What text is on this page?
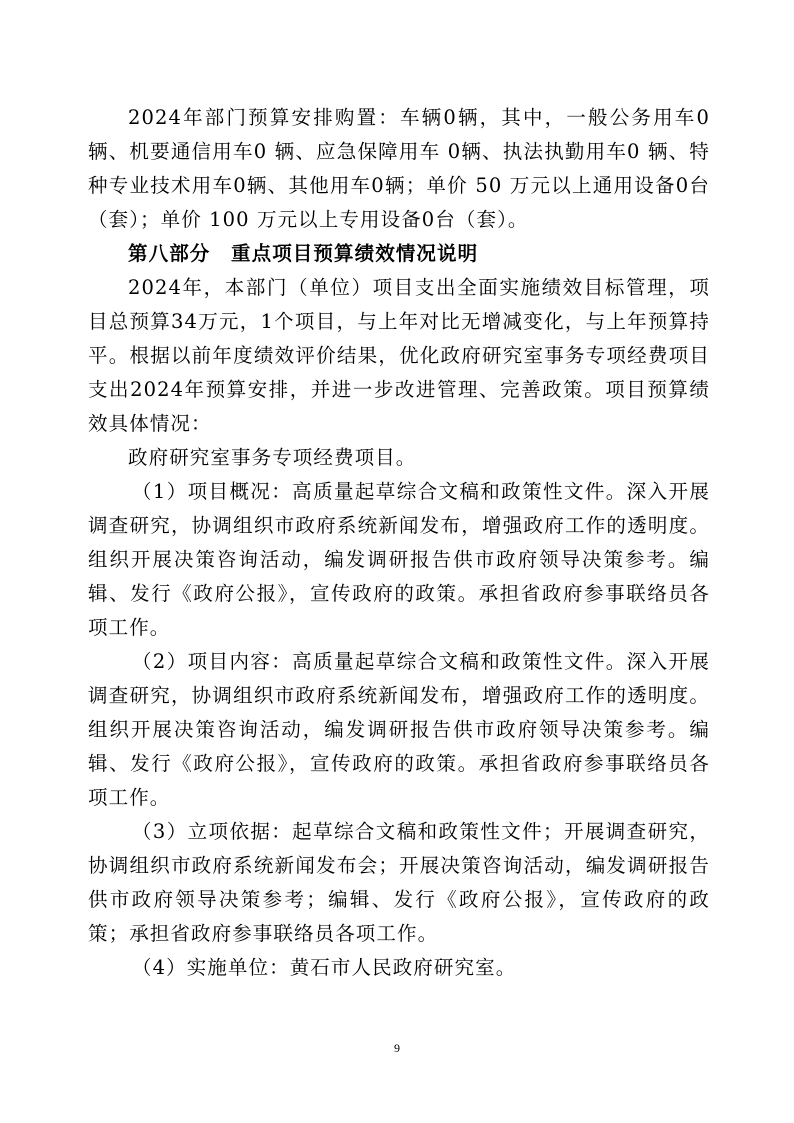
2024年部门预算安排购置：车辆0辆，其中，一般公务用车0辆、机要通信用车0 辆、应急保障用车 0辆、执法执勤用车0 辆、特种专业技术用车0辆、其他用车0辆；单价 50 万元以上通用设备0台（套）；单价 100 万元以上专用设备0台（套）。

第八部分　重点项目预算绩效情况说明

2024年，本部门（单位）项目支出全面实施绩效目标管理，项目总预算34万元，1个项目，与上年对比无增减变化，与上年预算持平。根据以前年度绩效评价结果，优化政府研究室事务专项经费项目支出2024年预算安排，并进一步改进管理、完善政策。项目预算绩效具体情况：

政府研究室事务专项经费项目。

（1）项目概况：高质量起草综合文稿和政策性文件。深入开展调查研究，协调组织市政府系统新闻发布，增强政府工作的透明度。组织开展决策咨询活动，编发调研报告供市政府领导决策参考。编辑、发行《政府公报》，宣传政府的政策。承担省政府参事联络员各项工作。

（2）项目内容：高质量起草综合文稿和政策性文件。深入开展调查研究，协调组织市政府系统新闻发布，增强政府工作的透明度。组织开展决策咨询活动，编发调研报告供市政府领导决策参考。编辑、发行《政府公报》，宣传政府的政策。承担省政府参事联络员各项工作。

（3）立项依据：起草综合文稿和政策性文件；开展调查研究，协调组织市政府系统新闻发布会；开展决策咨询活动，编发调研报告供市政府领导决策参考；编辑、发行《政府公报》，宣传政府的政策；承担省政府参事联络员各项工作。

（4）实施单位：黄石市人民政府研究室。

9
